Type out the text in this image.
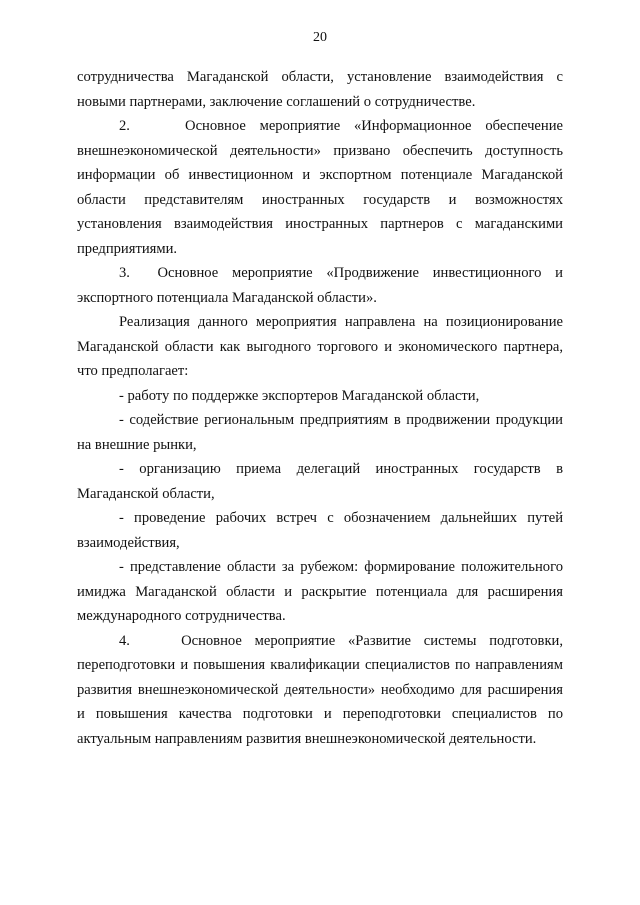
20

сотрудничества Магаданской области, установление взаимодействия с новыми партнерами, заключение соглашений о сотрудничестве.

2.    Основное мероприятие «Информационное обеспечение внешнеэкономической деятельности» призвано обеспечить доступность информации об инвестиционном и экспортном потенциале Магаданской области представителям иностранных государств и возможностях установления взаимодействия иностранных партнеров с магаданскими предприятиями.

3.  Основное мероприятие «Продвижение инвестиционного и экспортного потенциала Магаданской области».

Реализация данного мероприятия направлена на позиционирование Магаданской области как выгодного торгового и экономического партнера, что предполагает:

- работу по поддержке экспортеров Магаданской области,

- содействие региональным предприятиям в продвижении продукции на внешние рынки,

- организацию приема делегаций иностранных государств в Магаданской области,

- проведение рабочих встреч с обозначением дальнейших путей взаимодействия,

- представление области за рубежом: формирование положительного имиджа Магаданской области и раскрытие потенциала для расширения международного сотрудничества.

4.    Основное мероприятие «Развитие системы подготовки, переподготовки и повышения квалификации специалистов по направлениям развития внешнеэкономической деятельности» необходимо для расширения и повышения качества подготовки и переподготовки специалистов по актуальным направлениям развития внешнеэкономической деятельности.
